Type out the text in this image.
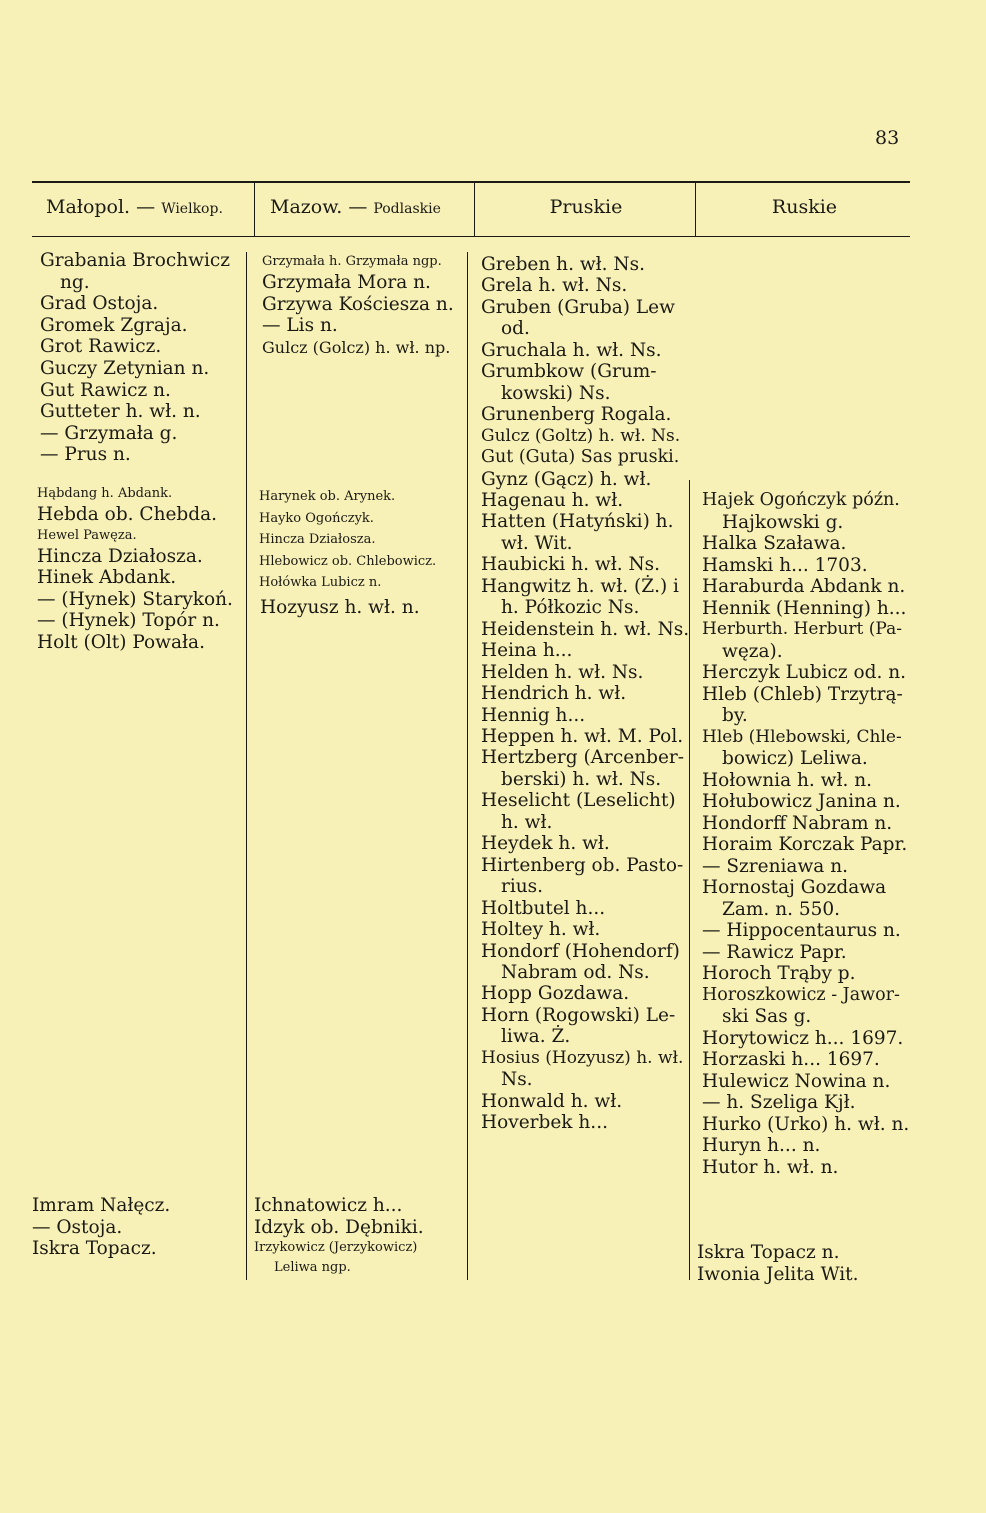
83
Małopol. — Wielkop.	Mazow. — Podlaskie	Pruskie	Ruskie
Grabania Brochwicz
ng.
Grad Ostoja.
Gromek Zgraja.
Grot Rawicz.
Guczy Zetynian n.
Gut Rawicz n.
Gutteter h. wł. n.
— Grzymała g.
— Prus n.
Hąbdang h. Abdank.
Hebda ob. Chebda.
Hewel Pawęza.
Hincza Działosza.
Hinek Abdank.
— (Hynek) Starykoń.
— (Hynek) Topór n.
Holt (Olt) Powała.
Imram Nałęcz.
— Ostoja.
Iskra Topacz.
Grzymała h. Grzymała ngp.
Grzymała Mora n.
Grzywa Kościesza n.
— Lis n.
Gulcz (Golcz) h. wł. np.
Harynek ob. Arynek.
Hayko Ogończyk.
Hincza Działosza.
Hlebowicz ob. Chlebowicz.
Hołówka Lubicz n.
Hozyusz h. wł. n.
Ichnatowicz h...
Idzyk ob. Dębniki.
Irzykowicz (Jerzykowicz)
Leliwa ngp.
Greben h. wł. Ns.
Grela h. wł. Ns.
Gruben (Gruba) Lew
od.
Gruchala h. wł. Ns.
Grumbkow (Grum-
kowski) Ns.
Grunenberg Rogala.
Gulcz (Goltz) h. wł. Ns.
Gut (Guta) Sas pruski.
Gynz (Gącz) h. wł.
Hagenau h. wł.
Hatten (Hatyński) h.
wł. Wit.
Haubicki h. wł. Ns.
Hangwitz h. wł. (Ż.) i
h. Półkozic Ns.
Heidenstein h. wł. Ns.
Heina h...
Helden h. wł. Ns.
Hendrich h. wł.
Hennig h...
Heppen h. wł. M. Pol.
Hertzberg (Arcenber-
berski) h. wł. Ns.
Heselicht (Leselicht)
h. wł.
Heydek h. wł.
Hirtenberg ob. Pasto-
rius.
Holtbutel h...
Holtey h. wł.
Hondorf (Hohendorf)
Nabram od. Ns.
Hopp Gozdawa.
Horn (Rogowski) Le-
liwa. Ż.
Hosius (Hozyusz) h. wł.
Ns.
Honwald h. wł.
Hoverbek h...
Hajek Ogończyk późn.
Hajkowski g.
Halka Szaława.
Hamski h... 1703.
Haraburda Abdank n.
Hennik (Henning) h...
Herburth. Herburt (Pa-
węza).
Herczyk Lubicz od. n.
Hleb (Chleb) Trzytrą-
by.
Hleb (Hlebowski, Chle-
bowicz) Leliwa.
Hołownia h. wł. n.
Hołubowicz Janina n.
Hondorff Nabram n.
Horaim Korczak Papr.
— Szreniawa n.
Hornostaj Gozdawa
Zam. n. 550.
— Hippocentaurus n.
— Rawicz Papr.
Horoch Trąby p.
Horoszkowicz - Jawor-
ski Sas g.
Horytowicz h... 1697.
Horzaski h... 1697.
Hulewicz Nowina n.
— h. Szeliga Kjł.
Hurko (Urko) h. wł. n.
Huryn h... n.
Hutor h. wł. n.
Iskra Topacz n.
Iwonia Jelita Wit.
